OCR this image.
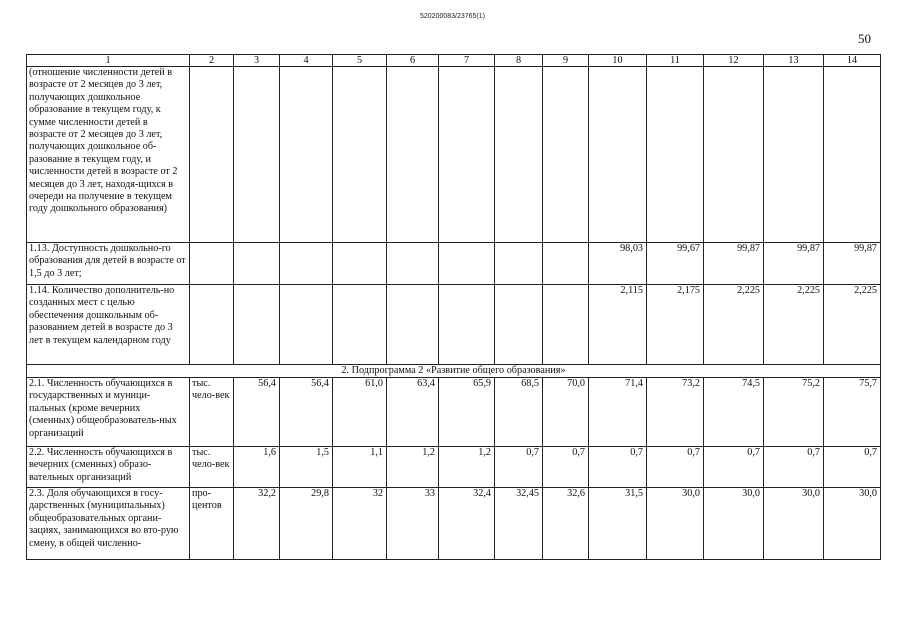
520200083/23765(1)
50
1	2	3	4	5	6	7	8	9	10	11	12	13	14
(отношение численности детей в возрасте от 2 месяцев до 3 лет, получающих дошкольное образование в текущем году, к сумме численности детей в возрасте от 2 месяцев до 3 лет, получающих дошкольное об-разование в текущем году, и численности детей в возрасте от 2 месяцев до 3 лет, находя-щихся в очереди на получение в текущем году дошкольного образования)													
1.13. Доступность дошкольно-го образования для детей в возрасте от 1,5 до 3 лет;									98,03	99,67	99,87	99,87	99,87
1.14. Количество дополнитель-но созданных мест с целью обеспечения дошкольным об-разованием детей в возрасте до 3 лет в текущем календарном году									2,115	2,175	2,225	2,225	2,225
2. Подпрограмма 2 «Развитие общего образования»													
2.1. Численность обучающихся в государственных и муници-пальных (кроме вечерних (сменных) общеобразователь-ных организаций	тыс. чело-век	56,4	56,4	61,0	63,4	65,9	68,5	70,0	71,4	73,2	74,5	75,2	75,7
2.2. Численность обучающихся в вечерних (сменных) образо-вательных организаций	тыс. чело-век	1,6	1,5	1,1	1,2	1,2	0,7	0,7	0,7	0,7	0,7	0,7	0,7
2.3. Доля обучающихся в госу-дарственных (муниципальных) общеобразовательных органи-зациях, занимающихся во вто-рую смену, в общей численно-	про-центов	32,2	29,8	32	33	32,4	32,45	32,6	31,5	30,0	30,0	30,0	30,0
